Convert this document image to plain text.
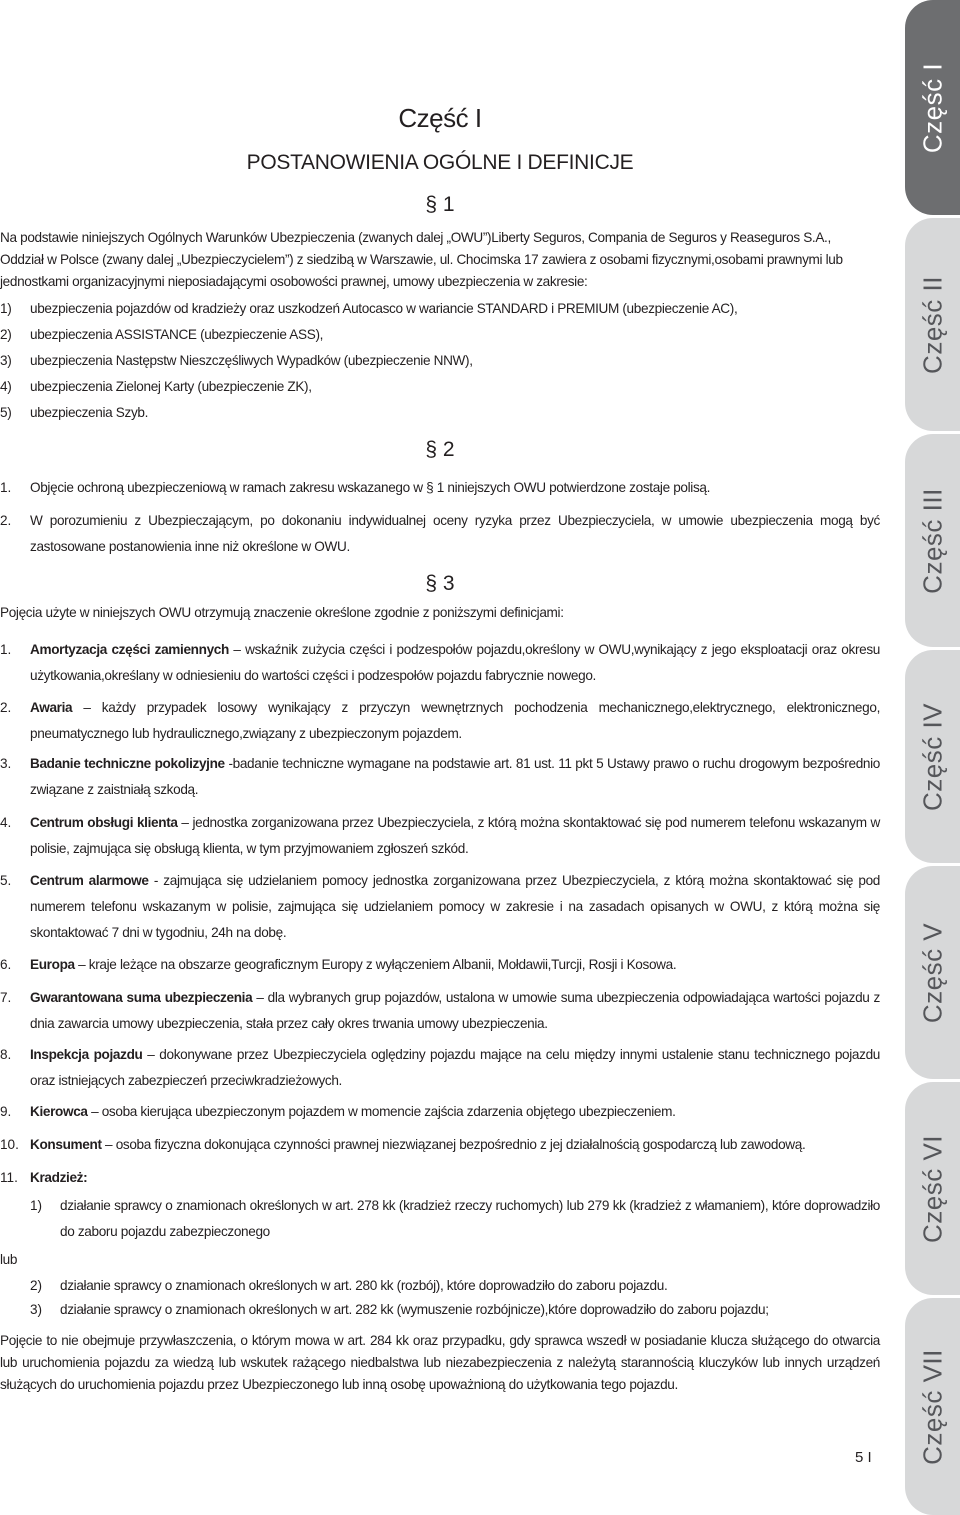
Część I
POSTANOWIENIA OGÓLNE I DEFINICJE
§ 1
Na podstawie niniejszych Ogólnych Warunków Ubezpieczenia (zwanych dalej „OWU”)Liberty Seguros, Compania de Seguros y Reaseguros S.A.,
Oddział w Polsce (zwany dalej „Ubezpieczycielem”) z siedzibą w Warszawie, ul. Chocimska 17 zawiera z osobami fizycznymi,osobami prawnymi lub
jednostkami organizacyjnymi nieposiadającymi osobowości prawnej, umowy ubezpieczenia w zakresie:
1) ubezpieczenia pojazdów od kradzieży oraz uszkodzeń Autocasco w wariancie STANDARD i PREMIUM (ubezpieczenie AC),
2) ubezpieczenia ASSISTANCE (ubezpieczenie ASS),
3) ubezpieczenia Następstw Nieszczęśliwych Wypadków (ubezpieczenie NNW),
4) ubezpieczenia Zielonej Karty (ubezpieczenie ZK),
5) ubezpieczenia Szyb.
§ 2
1. Objęcie ochroną ubezpieczeniową w ramach zakresu wskazanego w § 1 niniejszych OWU potwierdzone zostaje polisą.
2. W porozumieniu z Ubezpieczającym, po dokonaniu indywidualnej oceny ryzyka przez Ubezpieczyciela, w umowie ubezpieczenia mogą być zastosowane postanowienia inne niż określone w OWU.
§ 3
Pojęcia użyte w niniejszych OWU otrzymują znaczenie określone zgodnie z poniższymi definicjami:
1. Amortyzacja części zamiennych – wskaźnik zużycia części i podzespołów pojazdu,określony w OWU,wynikający z jego eksploatacji oraz okresu użytkowania,określany w odniesieniu do wartości części i podzespołów pojazdu fabrycznie nowego.
2. Awaria – każdy przypadek losowy wynikający z przyczyn wewnętrznych pochodzenia mechanicznego,elektrycznego, elektronicznego, pneumatycznego lub hydraulicznego,związany z ubezpieczonym pojazdem.
3. Badanie techniczne pokolizyjne -badanie techniczne wymagane na podstawie art. 81 ust. 11 pkt 5 Ustawy prawo o ruchu drogowym bezpośrednio związane z zaistniałą szkodą.
4. Centrum obsługi klienta – jednostka zorganizowana przez Ubezpieczyciela, z którą można skontaktować się pod numerem telefonu wskazanym w polisie, zajmująca się obsługą klienta, w tym przyjmowaniem zgłoszeń szkód.
5. Centrum alarmowe - zajmująca się udzielaniem pomocy jednostka zorganizowana przez Ubezpieczyciela, z którą można skontaktować się pod numerem telefonu wskazanym w polisie, zajmująca się udzielaniem pomocy w zakresie i na zasadach opisanych w OWU, z którą można się skontaktować 7 dni w tygodniu, 24h na dobę.
6. Europa – kraje leżące na obszarze geograficznym Europy z wyłączeniem Albanii, Mołdawii,Turcji, Rosji i Kosowa.
7. Gwarantowana suma ubezpieczenia – dla wybranych grup pojazdów, ustalona w umowie suma ubezpieczenia odpowiadająca wartości pojazdu z dnia zawarcia umowy ubezpieczenia, stała przez cały okres trwania umowy ubezpieczenia.
8. Inspekcja pojazdu – dokonywane przez Ubezpieczyciela oględziny pojazdu mające na celu między innymi ustalenie stanu technicznego pojazdu oraz istniejących zabezpieczeń przeciwkradzieżowych.
9. Kierowca – osoba kierująca ubezpieczonym pojazdem w momencie zajścia zdarzenia objętego ubezpieczeniem.
10. Konsument – osoba fizyczna dokonująca czynności prawnej niezwiązanej bezpośrednio z jej działalnością gospodarczą lub zawodową.
11. Kradzież:
1) działanie sprawcy o znamionach określonych w art. 278 kk (kradzież rzeczy ruchomych) lub 279 kk (kradzież z włamaniem), które doprowadziło do zaboru pojazdu zabezpieczonego
lub
2) działanie sprawcy o znamionach określonych w art. 280 kk (rozbój), które doprowadziło do zaboru pojazdu.
3) działanie sprawcy o znamionach określonych w art. 282 kk (wymuszenie rozbójnicze),które doprowadziło do zaboru pojazdu;
Pojęcie to nie obejmuje przywłaszczenia, o którym mowa w art. 284 kk oraz przypadku, gdy sprawca wszedł w posiadanie klucza służącego do otwarcia lub uruchomienia pojazdu za wiedzą lub wskutek rażącego niedbalstwa lub niezabezpieczenia z należytą starannością kluczyków lub innych urządzeń służących do uruchomienia pojazdu przez Ubezpieczonego lub inną osobę upoważnioną do użytkowania tego pojazdu.
5 I
Część I
Część II
Część III
Część IV
Część V
Część VI
Część VII
